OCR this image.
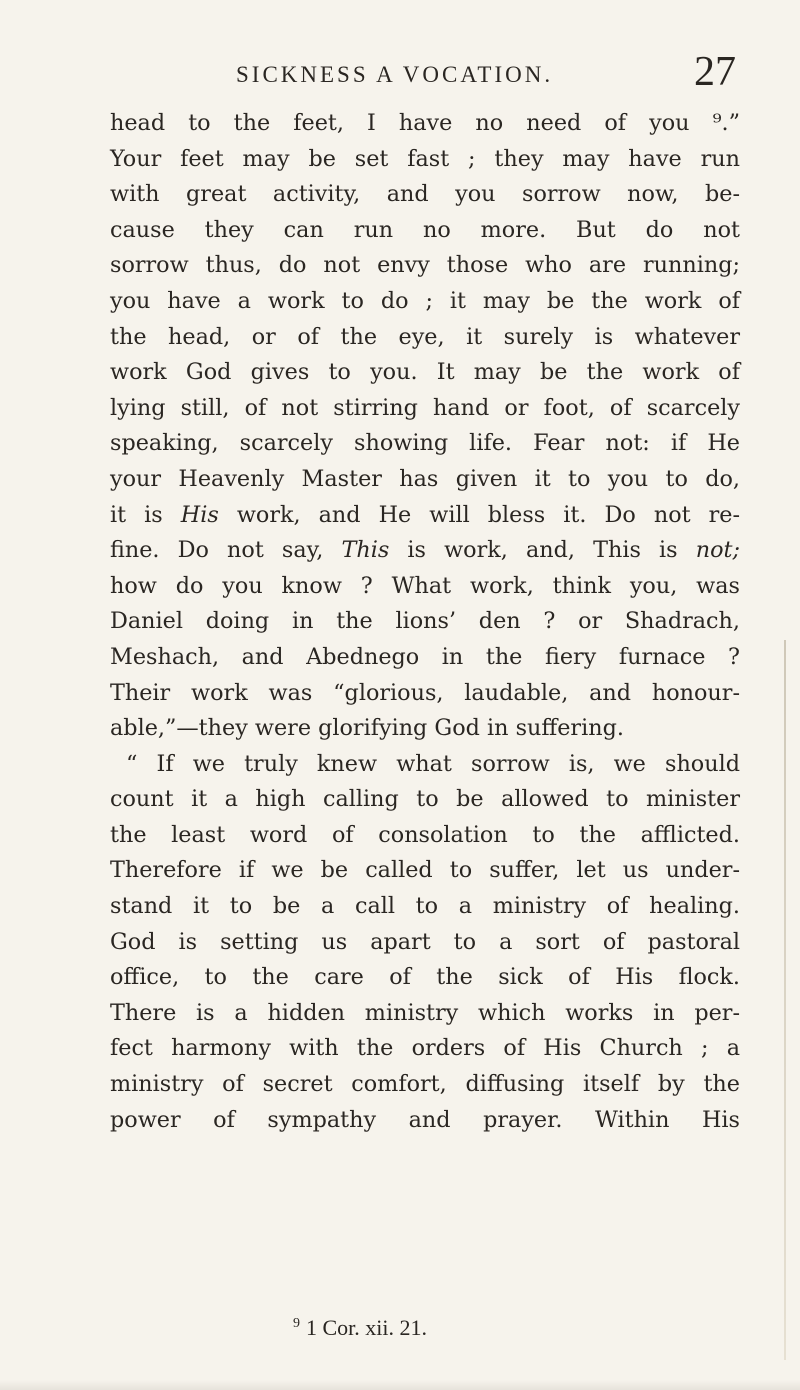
SICKNESS A VOCATION.	27
head to the feet, I have no need of you ⁹.”
Your feet may be set fast ; they may have run
with great activity, and you sorrow now, be-
cause they can run no more. But do not
sorrow thus, do not envy those who are running;
you have a work to do ; it may be the work of
the head, or of the eye, it surely is whatever
work God gives to you. It may be the work of
lying still, of not stirring hand or foot, of scarcely
speaking, scarcely showing life. Fear not: if He
your Heavenly Master has given it to you to do,
it is His work, and He will bless it. Do not re-
fine. Do not say, This is work, and, This is not;
how do you know ? What work, think you, was
Daniel doing in the lions’ den ? or Shadrach,
Meshach, and Abednego in the fiery furnace ?
Their work was “glorious, laudable, and honour-
able,”—they were glorifying God in suffering.
“ If we truly knew what sorrow is, we should
count it a high calling to be allowed to minister
the least word of consolation to the afflicted.
Therefore if we be called to suffer, let us under-
stand it to be a call to a ministry of healing.
God is setting us apart to a sort of pastoral
office, to the care of the sick of His flock.
There is a hidden ministry which works in per-
fect harmony with the orders of His Church ; a
ministry of secret comfort, diffusing itself by the
power of sympathy and prayer. Within His
$^9$ 1 Cor. xii. 21.
